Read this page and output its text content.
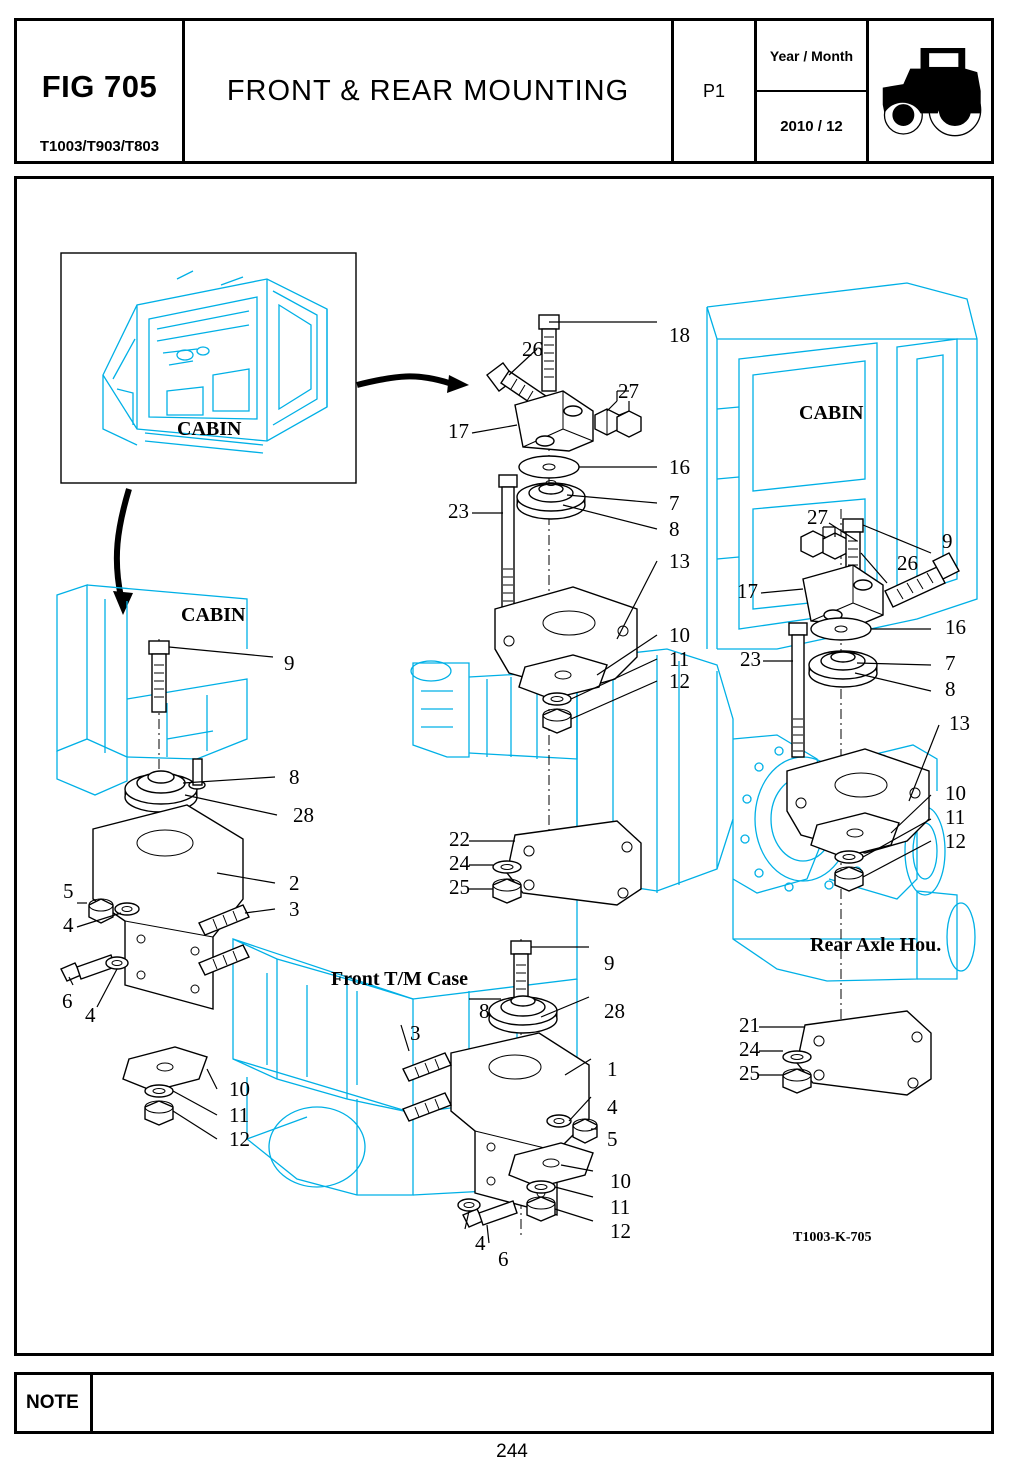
FIG 705
T1003/T903/T803
FRONT & REAR MOUNTING	P1
Year / Month
2010 / 12
CABIN
CABIN
CABIN
Front T/M Case
Rear Axle Hou.
T1003-K-705
18
26
27
17
16
7
8
23
13
10
11
12
22
24
25
27
9
26
17
16
23	7
8
13
10
11
12
21
24
25
9
8
28
2
3
5
4
6
4
10
11
12
9
8	28
3
1
4
5
10
11
12
4
6
NOTE
244
